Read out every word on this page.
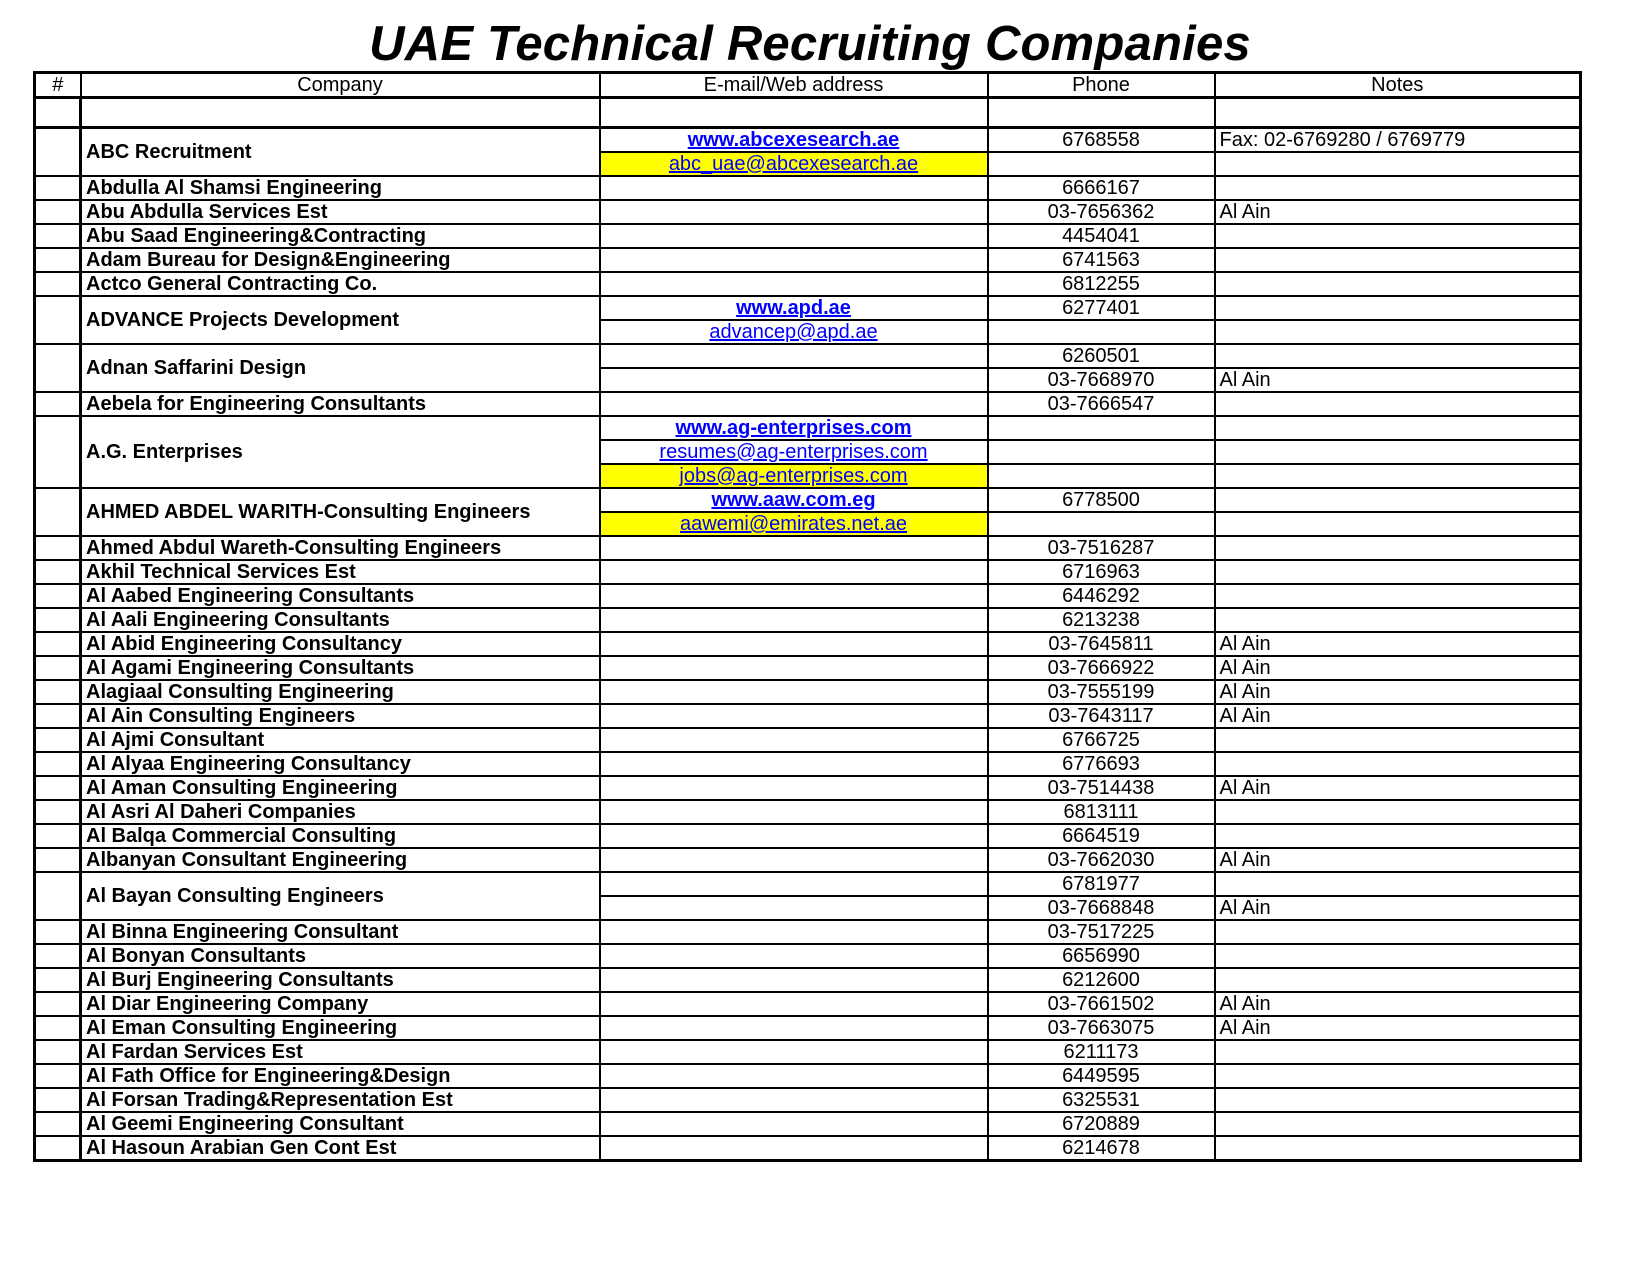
UAE Technical Recruiting Companies
#	Company	E-mail/Web address	Phone	Notes

	ABC Recruitment	www.abcexesearch.ae	6768558	Fax: 02-6769280 / 6769779
		abc_uae@abcexesearch.ae		
	Abdulla Al Shamsi Engineering		6666167	
	Abu Abdulla Services Est		03-7656362	Al Ain
	Abu Saad Engineering&Contracting		4454041	
	Adam Bureau for Design&Engineering		6741563	
	Actco General Contracting Co.		6812255	
	ADVANCE Projects Development	www.apd.ae	6277401	
		advancep@apd.ae		
	Adnan Saffarini Design		6260501	
			03-7668970	Al Ain
	Aebela for Engineering Consultants		03-7666547	
	A.G. Enterprises	www.ag-enterprises.com		
		resumes@ag-enterprises.com		
		jobs@ag-enterprises.com		
	AHMED ABDEL WARITH-Consulting Engineers	www.aaw.com.eg	6778500	
		aawemi@emirates.net.ae		
	Ahmed Abdul Wareth-Consulting Engineers		03-7516287	
	Akhil Technical Services Est		6716963	
	Al Aabed Engineering Consultants		6446292	
	Al Aali Engineering Consultants		6213238	
	Al Abid Engineering Consultancy		03-7645811	Al Ain
	Al Agami Engineering Consultants		03-7666922	Al Ain
	Alagiaal Consulting Engineering		03-7555199	Al Ain
	Al Ain Consulting Engineers		03-7643117	Al Ain
	Al Ajmi Consultant		6766725	
	Al Alyaa Engineering Consultancy		6776693	
	Al Aman Consulting Engineering		03-7514438	Al Ain
	Al Asri Al Daheri Companies		6813111	
	Al Balqa Commercial Consulting		6664519	
	Albanyan Consultant Engineering		03-7662030	Al Ain
	Al Bayan Consulting Engineers		6781977	
			03-7668848	Al Ain
	Al Binna Engineering Consultant		03-7517225	
	Al Bonyan Consultants		6656990	
	Al Burj Engineering Consultants		6212600	
	Al Diar Engineering Company		03-7661502	Al Ain
	Al Eman Consulting Engineering		03-7663075	Al Ain
	Al Fardan Services Est		6211173	
	Al Fath Office for Engineering&Design		6449595	
	Al Forsan Trading&Representation Est		6325531	
	Al Geemi Engineering Consultant		6720889	
	Al Hasoun Arabian Gen Cont Est		6214678	
